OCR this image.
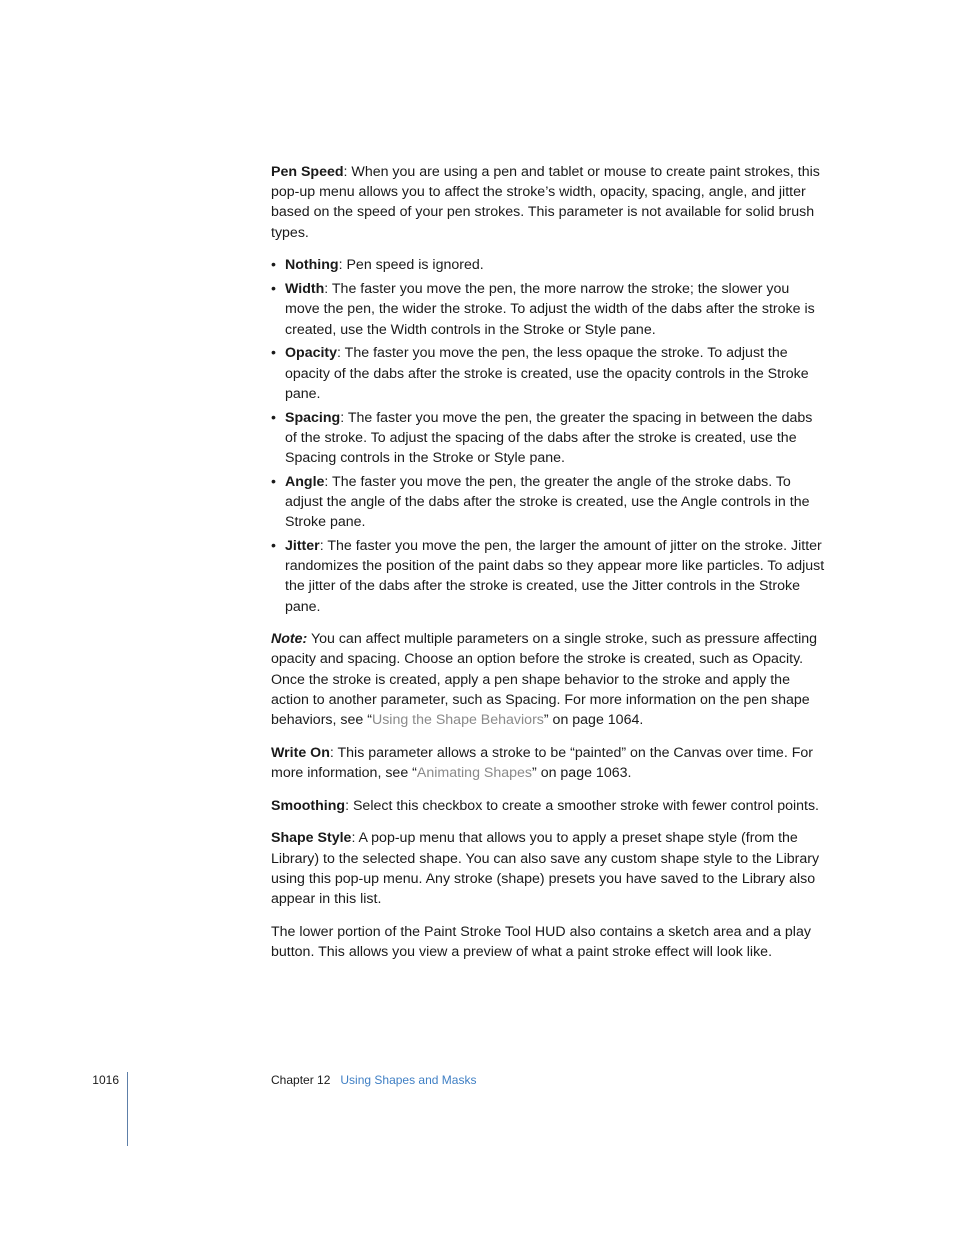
Pen Speed: When you are using a pen and tablet or mouse to create paint strokes, this pop-up menu allows you to affect the stroke’s width, opacity, spacing, angle, and jitter based on the speed of your pen strokes. This parameter is not available for solid brush types.

• Nothing: Pen speed is ignored.
• Width: The faster you move the pen, the more narrow the stroke; the slower you move the pen, the wider the stroke. To adjust the width of the dabs after the stroke is created, use the Width controls in the Stroke or Style pane.
• Opacity: The faster you move the pen, the less opaque the stroke. To adjust the opacity of the dabs after the stroke is created, use the opacity controls in the Stroke pane.
• Spacing: The faster you move the pen, the greater the spacing in between the dabs of the stroke. To adjust the spacing of the dabs after the stroke is created, use the Spacing controls in the Stroke or Style pane.
• Angle: The faster you move the pen, the greater the angle of the stroke dabs. To adjust the angle of the dabs after the stroke is created, use the Angle controls in the Stroke pane.
• Jitter: The faster you move the pen, the larger the amount of jitter on the stroke. Jitter randomizes the position of the paint dabs so they appear more like particles. To adjust the jitter of the dabs after the stroke is created, use the Jitter controls in the Stroke pane.

Note: You can affect multiple parameters on a single stroke, such as pressure affecting opacity and spacing. Choose an option before the stroke is created, such as Opacity. Once the stroke is created, apply a pen shape behavior to the stroke and apply the action to another parameter, such as Spacing. For more information on the pen shape behaviors, see “Using the Shape Behaviors” on page 1064.

Write On: This parameter allows a stroke to be “painted” on the Canvas over time. For more information, see “Animating Shapes” on page 1063.

Smoothing: Select this checkbox to create a smoother stroke with fewer control points.

Shape Style: A pop-up menu that allows you to apply a preset shape style (from the Library) to the selected shape. You can also save any custom shape style to the Library using this pop-up menu. Any stroke (shape) presets you have saved to the Library also appear in this list.

The lower portion of the Paint Stroke Tool HUD also contains a sketch area and a play button. This allows you view a preview of what a paint stroke effect will look like.

1016	Chapter 12 Using Shapes and Masks
